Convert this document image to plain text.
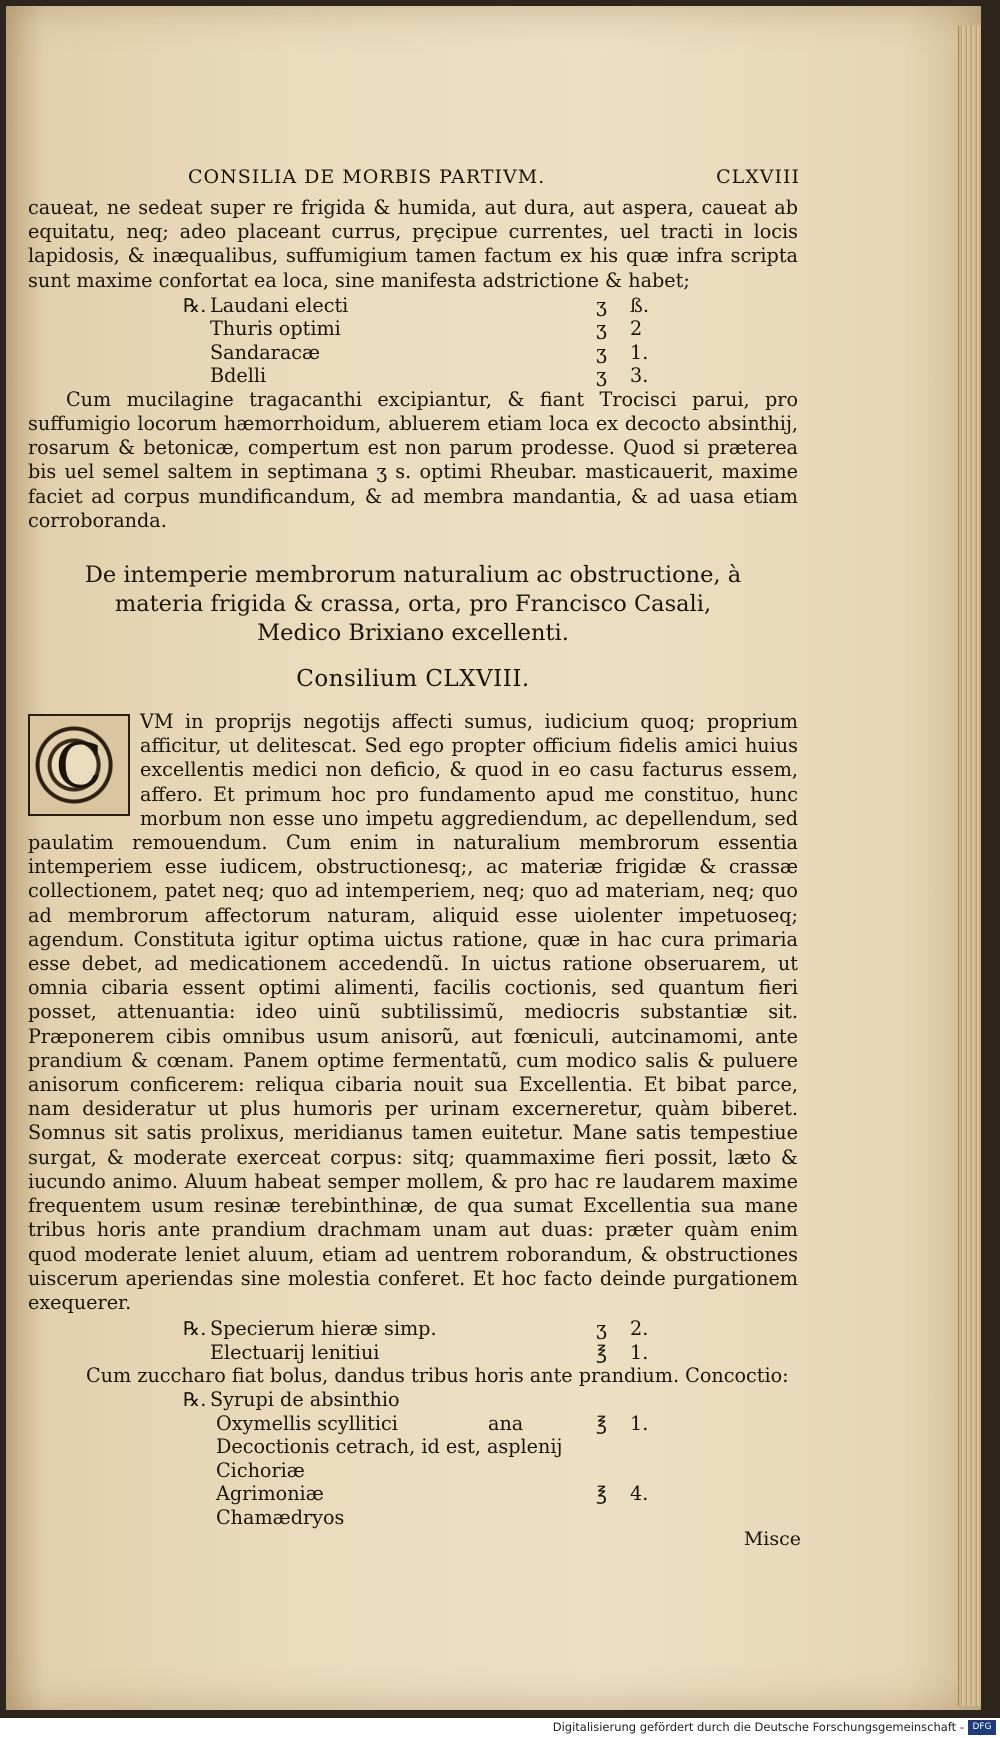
CONSILIA DE MORBIS PARTIVM.	CLXVIII

caueat, ne sedeat super re frigida & humida, aut dura, aut aspera, caueat ab equitatu, neq; adeo placeant currus, prȩcipue currentes, uel tracti in locis lapidosis, & inæqualibus, suffumigium tamen factum ex his quæ infra scripta sunt maxime confortat ea loca, sine manifesta adstrictione & habet;

℞. Laudani electi	ʒ ß.
Thuris optimi	ʒ 2
Sandaracæ	ʒ 1.
Bdelli	ʒ 3.

Cum mucilagine tragacanthi excipiantur, & fiant Trocisci parui, pro suffumigio locorum hæmorrhoidum, abluerem etiam loca ex decocto absinthij, rosarum & betonicæ, compertum est non parum prodesse. Quod si præterea bis uel semel saltem in septimana ʒ s. optimi Rheubar. masticauerit, maxime faciet ad corpus mundificandum, & ad membra mandantia, & ad uasa etiam corroboranda.

De intemperie membrorum naturalium ac obstructione, à
materia frigida & crassa, orta, pro Francisco Casali,
Medico Brixiano excellenti.
Consilium CLXVIII.
C

VM in proprijs negotijs affecti sumus, iudicium quoq; proprium afficitur, ut delitescat. Sed ego propter officium fidelis amici huius excellentis medici non deficio, & quod in eo casu facturus essem, affero. Et primum hoc pro fundamento apud me constituo, hunc morbum non esse uno impetu aggrediendum, ac depellendum, sed paulatim remouendum. Cum enim in naturalium membrorum essentia intemperiem esse iudicem, obstructionesq;, ac materiæ frigidæ & crassæ collectionem, patet neq; quo ad intemperiem, neq; quo ad materiam, neq; quo ad membrorum affectorum naturam, aliquid esse uiolenter impetuoseq; agendum. Constituta igitur optima uictus ratione, quæ in hac cura primaria esse debet, ad medicationem accedendũ. In uictus ratione obseruarem, ut omnia cibaria essent optimi alimenti, facilis coctionis, sed quantum fieri posset, attenuantia: ideo uinũ subtilissimũ, mediocris substantiæ sit. Præponerem cibis omnibus usum anisorũ, aut fœniculi, autcinamomi, ante prandium & cœnam. Panem optime fermentatũ, cum modico salis & puluere anisorum conficerem: reliqua cibaria nouit sua Excellentia. Et bibat parce, nam desideratur ut plus humoris per urinam excerneretur, quàm biberet. Somnus sit satis prolixus, meridianus tamen euitetur. Mane satis tempestiue surgat, & moderate exerceat corpus: sitq; quammaxime fieri possit, læto & iucundo animo. Aluum habeat semper mollem, & pro hac re laudarem maxime frequentem usum resinæ terebinthinæ, de qua sumat Excellentia sua mane tribus horis ante prandium drachmam unam aut duas: præter quàm enim quod moderate leniet aluum, etiam ad uentrem roborandum, & obstructiones uiscerum aperiendas sine molestia conferet. Et hoc facto deinde purgationem exequerer.

℞. Specierum hieræ simp.	ʒ 2.
Electuarij lenitiui	℥ 1.

Cum zuccharo fiat bolus, dandus tribus horis ante prandium. Concoctio:

℞. Syrupi de absinthio
Oxymellis scyllitici	ana	℥ 1.
Decoctionis cetrach, id est, asplenij
Cichoriæ
Agrimoniæ	℥ 4.
Chamædryos
Misce
Digitalisierung gefördert durch die Deutsche Forschungsgemeinschaft - DFG
